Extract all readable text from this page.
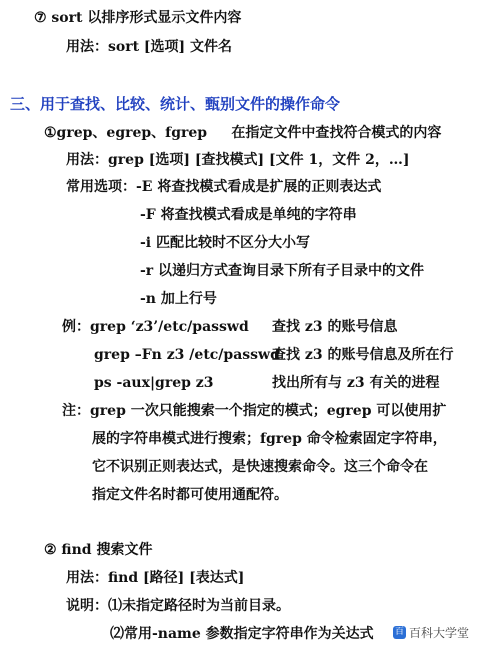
⑦ sort 以排序形式显示文件内容
用法：sort [选项] 文件名
三、用于查找、比较、统计、甄别文件的操作命令
①grep、egrep、fgrep     在指定文件中查找符合模式的内容
用法：grep [选项] [查找模式] [文件 1，文件 2，…]
常用选项：-E 将查找模式看成是扩展的正则表达式
-F 将查找模式看成是单纯的字符串
-i 匹配比较时不区分大小写
-r 以递归方式查询目录下所有子目录中的文件
-n 加上行号
例：grep ‘z3’/etc/passwd 查找 z3 的账号信息
grep –Fn z3 /etc/passwd
查找 z3 的账号信息及所在行
ps -aux|grep z3	找出所有与 z3 有关的进程
注：grep 一次只能搜索一个指定的模式；egrep 可以使用扩
展的字符串模式进行搜索；fgrep 命令检索固定字符串，
它不识别正则表达式，是快速搜索命令。这三个命令在
指定文件名时都可使用通配符。
② find 搜索文件
用法：find [路径] [表达式]
说明：⑴未指定路径时为当前目录。
⑵常用-name 参数指定字符串作为关达式 百 百科大学堂
